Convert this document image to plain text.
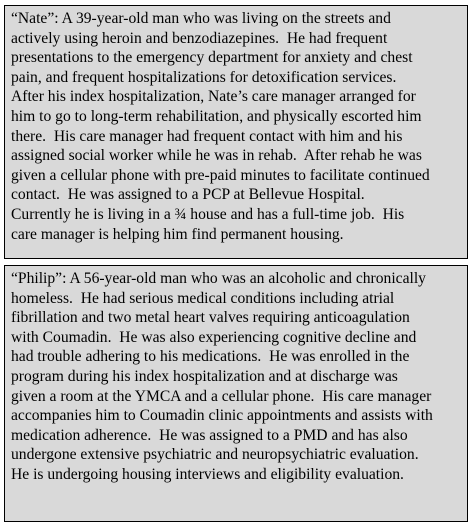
“Nate”: A 39-year-old man who was living on the streets and
actively using heroin and benzodiazepines.  He had frequent
presentations to the emergency department for anxiety and chest
pain, and frequent hospitalizations for detoxification services.
After his index hospitalization, Nate’s care manager arranged for
him to go to long-term rehabilitation, and physically escorted him
there.  His care manager had frequent contact with him and his
assigned social worker while he was in rehab.  After rehab he was
given a cellular phone with pre-paid minutes to facilitate continued
contact.  He was assigned to a PCP at Bellevue Hospital.
Currently he is living in a ¾ house and has a full-time job.  His
care manager is helping him find permanent housing.

“Philip”: A 56-year-old man who was an alcoholic and chronically
homeless.  He had serious medical conditions including atrial
fibrillation and two metal heart valves requiring anticoagulation
with Coumadin.  He was also experiencing cognitive decline and
had trouble adhering to his medications.  He was enrolled in the
program during his index hospitalization and at discharge was
given a room at the YMCA and a cellular phone.  His care manager
accompanies him to Coumadin clinic appointments and assists with
medication adherence.  He was assigned to a PMD and has also
undergone extensive psychiatric and neuropsychiatric evaluation.
He is undergoing housing interviews and eligibility evaluation.
